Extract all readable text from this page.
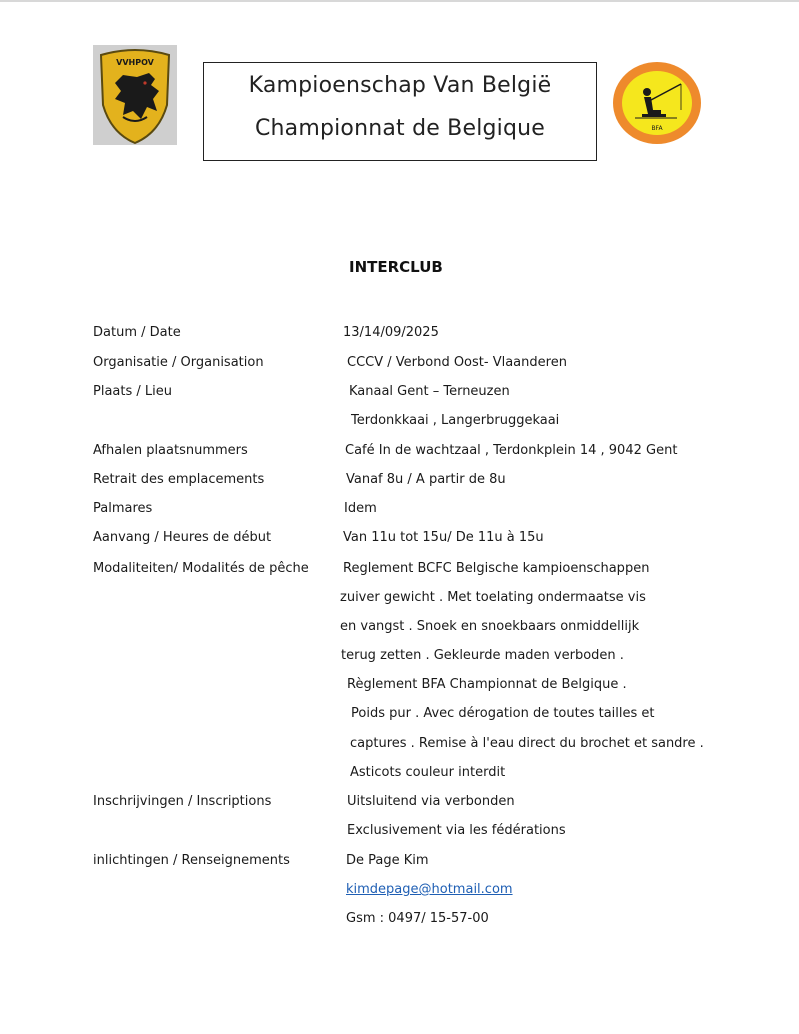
VVHPOV
Kampioenschap Van België
Championnat de Belgique	BFA
INTERCLUB
Datum / Date	13/14/09/2025
Organisatie / Organisation	CCCV / Verbond Oost- Vlaanderen
Plaats / Lieu	Kanaal Gent – Terneuzen
Terdonkkaai , Langerbruggekaai
Afhalen plaatsnummers	Café In de wachtzaal , Terdonkplein 14 , 9042 Gent
Retrait des emplacements	Vanaf 8u / A partir de 8u
Palmares	Idem
Aanvang / Heures de début	Van 11u tot 15u/ De 11u à 15u
Modaliteiten/ Modalités de pêche	Reglement BCFC Belgische kampioenschappen
zuiver gewicht . Met toelating ondermaatse vis
en vangst . Snoek en snoekbaars onmiddellijk
terug zetten . Gekleurde maden verboden .
Règlement BFA Championnat de Belgique .
Poids pur . Avec dérogation de toutes tailles et
captures . Remise à l'eau direct du brochet et sandre .
Asticots couleur interdit
Inschrijvingen / Inscriptions	Uitsluitend via verbonden
Exclusivement via les fédérations
inlichtingen / Renseignements	De Page Kim
kimdepage@hotmail.com
Gsm : 0497/ 15-57-00
